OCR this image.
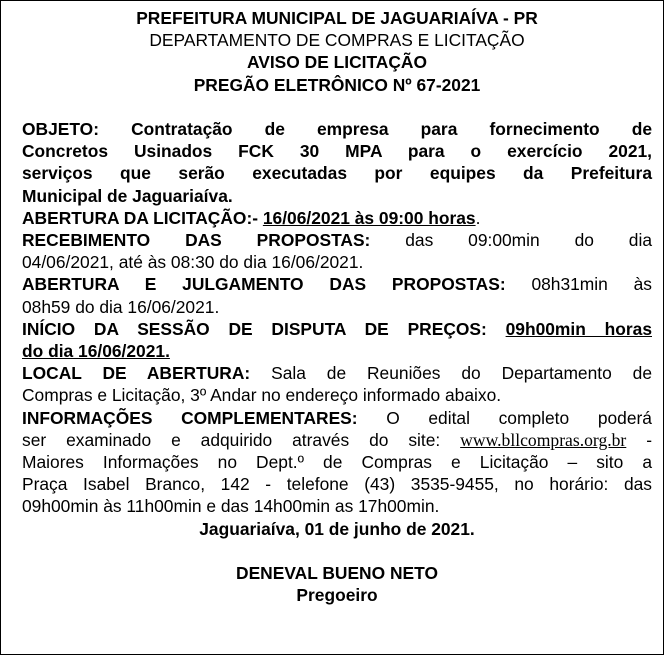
PREFEITURA MUNICIPAL DE JAGUARIAÍVA - PR
DEPARTAMENTO DE COMPRAS E LICITAÇÃO
AVISO DE LICITAÇÃO
PREGÃO ELETRÔNICO Nº 67-2021
OBJETO: Contratação de empresa para fornecimento de
Concretos Usinados FCK 30 MPA para o exercício 2021,
serviços que serão executadas por equipes da Prefeitura
Municipal de Jaguariaíva.
ABERTURA DA LICITAÇÃO:- 16/06/2021 às 09:00 horas.
RECEBIMENTO DAS PROPOSTAS: das 09:00min do dia
04/06/2021, até às 08:30 do dia 16/06/2021.
ABERTURA E JULGAMENTO DAS PROPOSTAS: 08h31min às
08h59 do dia 16/06/2021.
INÍCIO DA SESSÃO DE DISPUTA DE PREÇOS: 09h00min horas
do dia 16/06/2021.
LOCAL DE ABERTURA: Sala de Reuniões do Departamento de
Compras e Licitação, 3º Andar no endereço informado abaixo.
INFORMAÇÕES COMPLEMENTARES: O edital completo poderá
ser examinado e adquirido através do site: www.bllcompras.org.br -
Maiores Informações no Dept.º de Compras e Licitação – sito a
Praça Isabel Branco, 142 - telefone (43) 3535-9455, no horário: das
09h00min às 11h00min e das 14h00min as 17h00min.
Jaguariaíva, 01 de junho de 2021.
DENEVAL BUENO NETO
Pregoeiro
